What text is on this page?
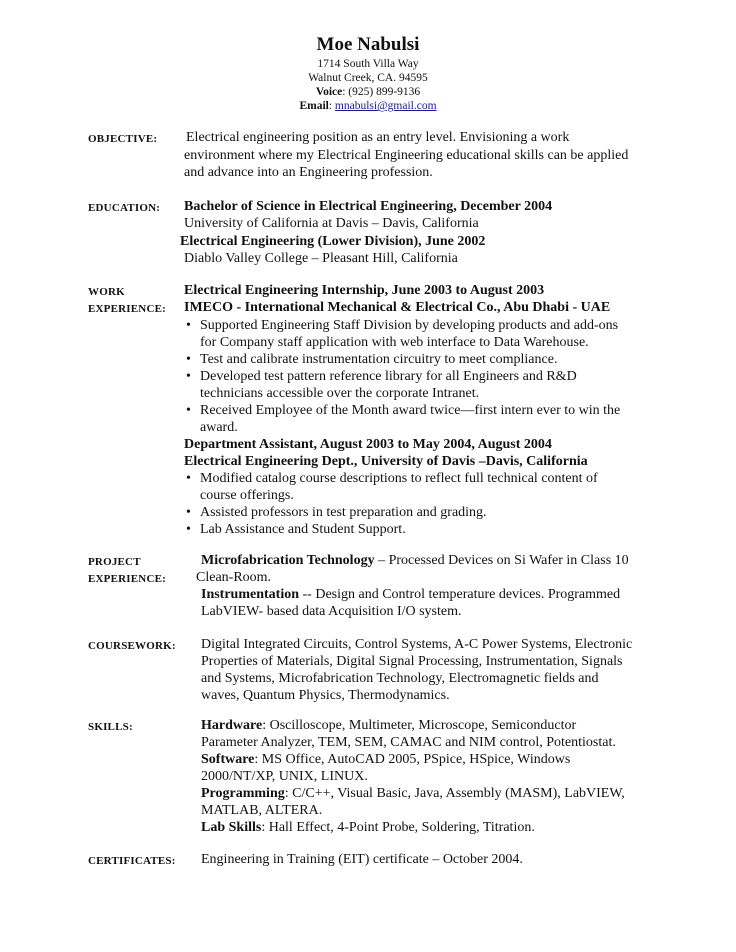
Moe Nabulsi
1714 South Villa Way
Walnut Creek, CA. 94595
Voice: (925) 899-9136
Email: mnabulsi@gmail.com
OBJECTIVE: Electrical engineering position as an entry level. Envisioning a work
environment where my Electrical Engineering educational skills can be applied
and advance into an Engineering profession.
EDUCATION: Bachelor of Science in Electrical Engineering, December 2004
University of California at Davis – Davis, California
Electrical Engineering (Lower Division), June 2002
Diablo Valley College – Pleasant Hill, California
WORK
EXPERIENCE:
Electrical Engineering Internship, June 2003 to August 2003
IMECO - International Mechanical & Electrical Co., Abu Dhabi - UAE
• Supported Engineering Staff Division by developing products and add-ons
for Company staff application with web interface to Data Warehouse.
• Test and calibrate instrumentation circuitry to meet compliance.
• Developed test pattern reference library for all Engineers and R&D
technicians accessible over the corporate Intranet.
• Received Employee of the Month award twice—first intern ever to win the
award.
Department Assistant, August 2003 to May 2004, August 2004
Electrical Engineering Dept., University of Davis –Davis, California
• Modified catalog course descriptions to reflect full technical content of
course offerings.
• Assisted professors in test preparation and grading.
• Lab Assistance and Student Support.
PROJECT
EXPERIENCE:
Microfabrication Technology – Processed Devices on Si Wafer in Class 10
Clean-Room.
Instrumentation -- Design and Control temperature devices. Programmed
LabVIEW- based data Acquisition I/O system.
COURSEWORK: Digital Integrated Circuits, Control Systems, A-C Power Systems, Electronic
Properties of Materials, Digital Signal Processing, Instrumentation, Signals
and Systems, Microfabrication Technology, Electromagnetic fields and
waves, Quantum Physics, Thermodynamics.
SKILLS:	Hardware: Oscilloscope, Multimeter, Microscope, Semiconductor
Parameter Analyzer, TEM, SEM, CAMAC and NIM control, Potentiostat.
Software: MS Office, AutoCAD 2005, PSpice, HSpice, Windows
2000/NT/XP, UNIX, LINUX.
Programming: C/C++, Visual Basic, Java, Assembly (MASM), LabVIEW,
MATLAB, ALTERA.
Lab Skills: Hall Effect, 4-Point Probe, Soldering, Titration.
CERTIFICATES: Engineering in Training (EIT) certificate – October 2004.
